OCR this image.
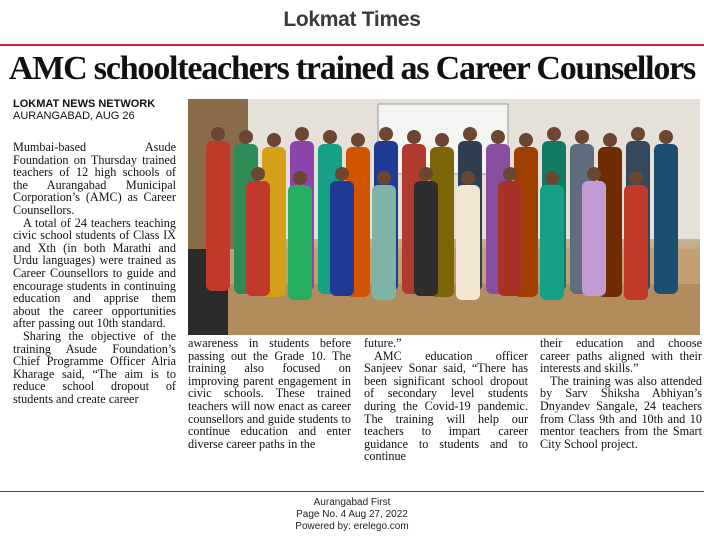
Lokmat Times
AMC schoolteachers trained as Career Counsellors
LOKMAT NEWS NETWORK
AURANGABAD, AUG 26

Mumbai-based Asude Foundation on Thursday trained teachers of 12 high schools of the Aurangabad Municipal Corporation’s (AMC) as Career Counsellors.

A total of 24 teachers teaching civic school students of Class IX and Xth (in both Marathi and Urdu languages) were trained as Career Counsellors to guide and encourage students in continuing education and apprise them about the career opportunities after passing out 10th standard.

Sharing the objective of the training Asude Foundation’s Chief Programme Officer Alria Kharage said, “The aim is to reduce school dropout of students and create career

awareness in students before passing out the Grade 10. The training also focused on improving parent engagement in civic schools. These trained teachers will now enact as career counsellors and guide students to continue education and enter diverse career paths in the

future.”

AMC education officer Sanjeev Sonar said, “There has been significant school dropout of secondary level students during the Covid-19 pandemic. The training will help our teachers to impart career guidance to students and to continue

their education and choose career paths aligned with their interests and skills.”

The training was also attended by Sarv Shiksha Abhiyan’s Dnyandev Sangale, 24 teachers from Class 9th and 10th and 10 mentor teachers from the Smart City School project.

Aurangabad First
Page No. 4 Aug 27, 2022
Powered by: erelego.com
